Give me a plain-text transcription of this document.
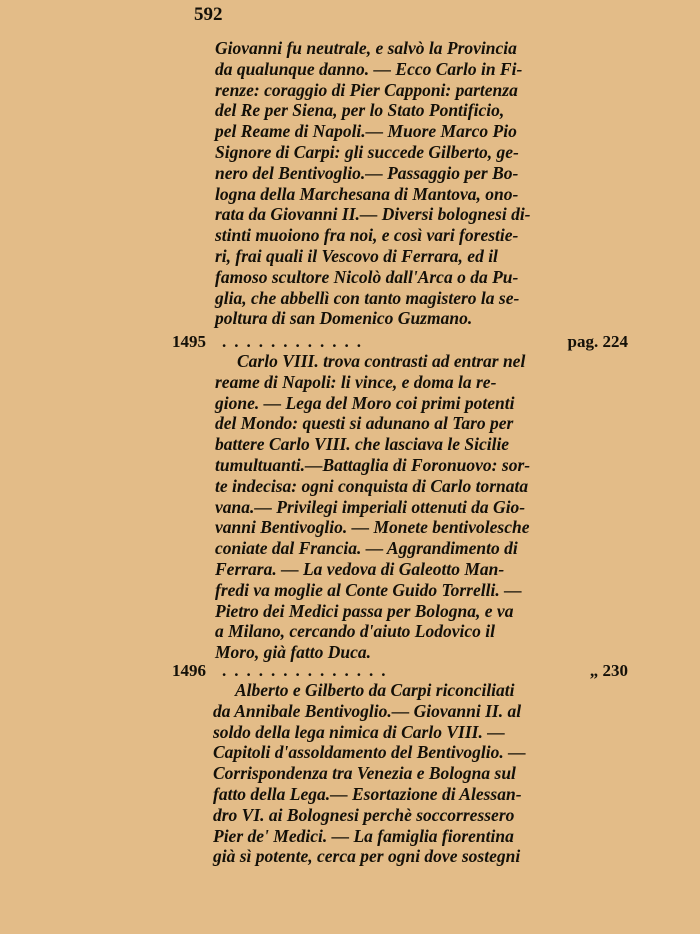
592
Giovanni fu neutrale, e salvò la Provincia
da qualunque danno. — Ecco Carlo in Fi-
renze: coraggio di Pier Capponi: partenza
del Re per Siena, per lo Stato Pontificio,
pel Reame di Napoli.— Muore Marco Pio
Signore di Carpi: gli succede Gilberto, ge-
nero del Bentivoglio.— Passaggio per Bo-
logna della Marchesana di Mantova, ono-
rata da Giovanni II.— Diversi bolognesi di-
stinti muoiono fra noi, e così vari forestie-
ri, frai quali il Vescovo di Ferrara, ed il
famoso scultore Nicolò dall'Arca o da Pu-
glia, che abbellì con tanto magistero la se-
poltura di san Domenico Guzmano.
1495 ............	pag. 224
Carlo VIII. trova contrasti ad entrar nel
reame di Napoli: li vince, e doma la re-
gione. — Lega del Moro coi primi potenti
del Mondo: questi si adunano al Taro per
battere Carlo VIII. che lasciava le Sicilie
tumultuanti.—Battaglia di Foronuovo: sor-
te indecisa: ogni conquista di Carlo tornata
vana.— Privilegi imperiali ottenuti da Gio-
vanni Bentivoglio. — Monete bentivolesche
coniate dal Francia. — Aggrandimento di
Ferrara. — La vedova di Galeotto Man-
fredi va moglie al Conte Guido Torrelli. —
Pietro dei Medici passa per Bologna, e va
a Milano, cercando d'aiuto Lodovico il
Moro, già fatto Duca.
1496 ..............	„ 230
Alberto e Gilberto da Carpi riconciliati
da Annibale Bentivoglio.— Giovanni II. al
soldo della lega nimica di Carlo VIII. —
Capitoli d'assoldamento del Bentivoglio. —
Corrispondenza tra Venezia e Bologna sul
fatto della Lega.— Esortazione di Alessan-
dro VI. ai Bolognesi perchè soccorressero
Pier de' Medici. — La famiglia fiorentina
già sì potente, cerca per ogni dove sostegni
